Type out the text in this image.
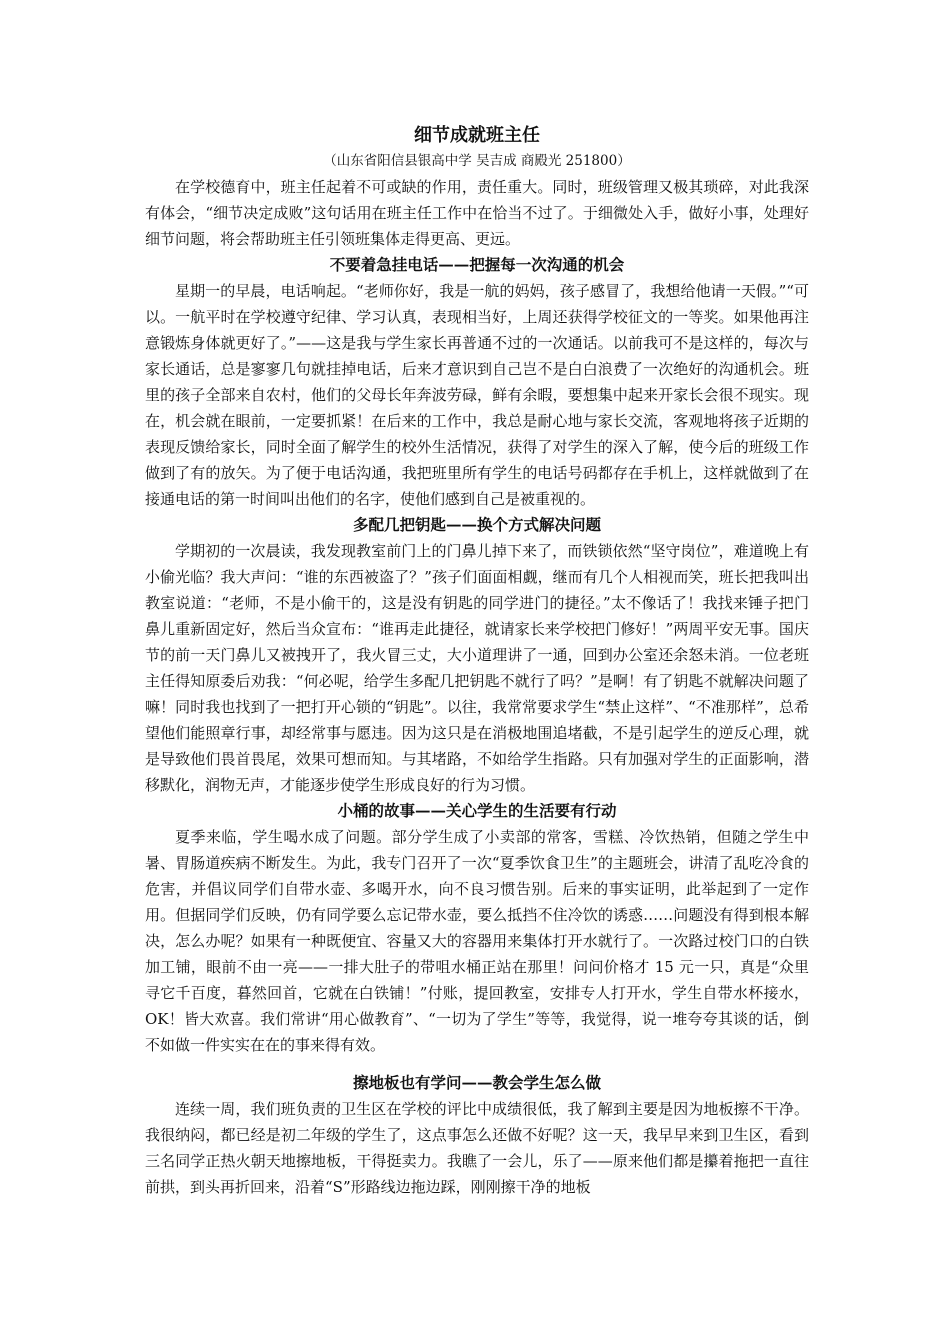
细节成就班主任

（山东省阳信县银高中学 吴吉成 商殿光 251800）

在学校德育中，班主任起着不可或缺的作用，责任重大。同时，班级管理又极其琐碎，对此我深有体会，“细节决定成败”这句话用在班主任工作中在恰当不过了。于细微处入手，做好小事，处理好细节问题，将会帮助班主任引领班集体走得更高、更远。

不要着急挂电话——把握每一次沟通的机会

星期一的早晨，电话响起。“老师你好，我是一航的妈妈，孩子感冒了，我想给他请一天假。”“可以。一航平时在学校遵守纪律、学习认真，表现相当好，上周还获得学校征文的一等奖。如果他再注意锻炼身体就更好了。”——这是我与学生家长再普通不过的一次通话。以前我可不是这样的，每次与家长通话，总是寥寥几句就挂掉电话，后来才意识到自己岂不是白白浪费了一次绝好的沟通机会。班里的孩子全部来自农村，他们的父母长年奔波劳碌，鲜有余暇，要想集中起来开家长会很不现实。现在，机会就在眼前，一定要抓紧！在后来的工作中，我总是耐心地与家长交流，客观地将孩子近期的表现反馈给家长，同时全面了解学生的校外生活情况，获得了对学生的深入了解，使今后的班级工作做到了有的放矢。为了便于电话沟通，我把班里所有学生的电话号码都存在手机上，这样就做到了在接通电话的第一时间叫出他们的名字，使他们感到自己是被重视的。

多配几把钥匙——换个方式解决问题

学期初的一次晨读，我发现教室前门上的门鼻儿掉下来了，而铁锁依然“坚守岗位”，难道晚上有小偷光临？我大声问：“谁的东西被盗了？”孩子们面面相觑，继而有几个人相视而笑，班长把我叫出教室说道：“老师，不是小偷干的，这是没有钥匙的同学进门的捷径。”太不像话了！我找来锤子把门鼻儿重新固定好，然后当众宣布：“谁再走此捷径，就请家长来学校把门修好！”两周平安无事。国庆节的前一天门鼻儿又被拽开了，我火冒三丈，大小道理讲了一通，回到办公室还余怒未消。一位老班主任得知原委后劝我：“何必呢，给学生多配几把钥匙不就行了吗？”是啊！有了钥匙不就解决问题了嘛！同时我也找到了一把打开心锁的“钥匙”。以往，我常常要求学生“禁止这样”、“不准那样”，总希望他们能照章行事，却经常事与愿违。因为这只是在消极地围追堵截，不是引起学生的逆反心理，就是导致他们畏首畏尾，效果可想而知。与其堵路，不如给学生指路。只有加强对学生的正面影响，潜移默化，润物无声，才能逐步使学生形成良好的行为习惯。

小桶的故事——关心学生的生活要有行动

夏季来临，学生喝水成了问题。部分学生成了小卖部的常客，雪糕、冷饮热销，但随之学生中暑、胃肠道疾病不断发生。为此，我专门召开了一次“夏季饮食卫生”的主题班会，讲清了乱吃冷食的危害，并倡议同学们自带水壶、多喝开水，向不良习惯告别。后来的事实证明，此举起到了一定作用。但据同学们反映，仍有同学要么忘记带水壶，要么抵挡不住冷饮的诱惑……问题没有得到根本解决，怎么办呢？如果有一种既便宜、容量又大的容器用来集体打开水就行了。一次路过校门口的白铁加工铺，眼前不由一亮——一排大肚子的带咀水桶正站在那里！问问价格才 15 元一只，真是“众里寻它千百度，暮然回首，它就在白铁铺！”付账，提回教室，安排专人打开水，学生自带水杯接水，OK！皆大欢喜。我们常讲“用心做教育”、“一切为了学生”等等，我觉得，说一堆夸夸其谈的话，倒不如做一件实实在在的事来得有效。

擦地板也有学问——教会学生怎么做

连续一周，我们班负责的卫生区在学校的评比中成绩很低，我了解到主要是因为地板擦不干净。我很纳闷，都已经是初二年级的学生了，这点事怎么还做不好呢？这一天，我早早来到卫生区，看到三名同学正热火朝天地擦地板，干得挺卖力。我瞧了一会儿，乐了——原来他们都是攥着拖把一直往前拱，到头再折回来，沿着“S”形路线边拖边踩，刚刚擦干净的地板
